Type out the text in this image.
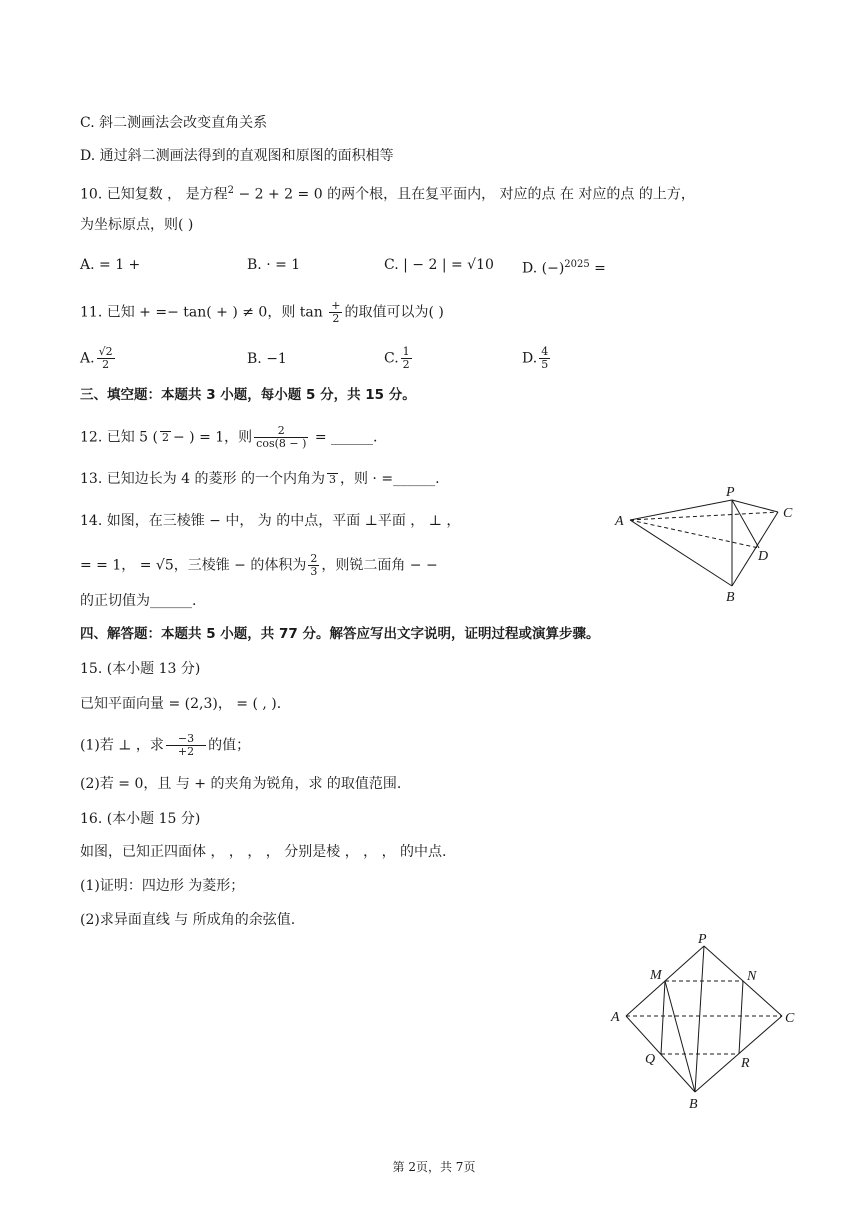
C. 斜二测画法会改变直角关系
D. 通过斜二测画法得到的直观图和原图的面积相等
10. 已知复数 ， 是方程$^2$ − 2 + 2 = 0 的两个根，且在复平面内， 对应的点 在 对应的点 的上方，
为坐标原点，则( )
A. = 1 +	B. · = 1	C. | − 2 | = √10 D. $(-)^{2025}$ =
11. 已知 + =− tan( + ) ≠ 0，则 $\tan \frac{+}{2}$ 的取值可以为( )
A. $\frac{√2}{2}$	B. −1	C. $\frac{1}{2}$	D. $\frac{4}{5}$
三、填空题：本题共 3 小题，每小题 5 分，共 15 分。
12. 已知 5 ( 2 − ) = 1，则 $\frac{2}{\cos(8 - )}$ = ______.
13. 已知边长为 4 的菱形 的一个内角为 3 ，则 · =______.
14. 如图，在三棱锥 − 中， 为 的中点，平面 ⊥平面 ， ⊥ ，
= = 1， = √5，三棱锥 − 的体积为 $\frac{2}{3}$ ，则锐二面角 − −
的正切值为______.
P
C
A
D
B
四、解答题：本题共 5 小题，共 77 分。解答应写出文字说明，证明过程或演算步骤。
15. (本小题 13 分)
已知平面向量 = (2,3)， = ( , ).
(1)若 ⊥ ，求 $\frac{-3}{+2}$ 的值；
(2)若 = 0，且 与 + 的夹角为锐角，求 的取值范围.
16. (本小题 15 分)
如图，已知正四面体 ， ， ， ， 分别是棱 ， ， ， 的中点.
(1)证明：四边形 为菱形；
(2)求异面直线 与 所成角的余弦值.
P
M	N
A	C
Q	R
B
第 2页，共 7页
